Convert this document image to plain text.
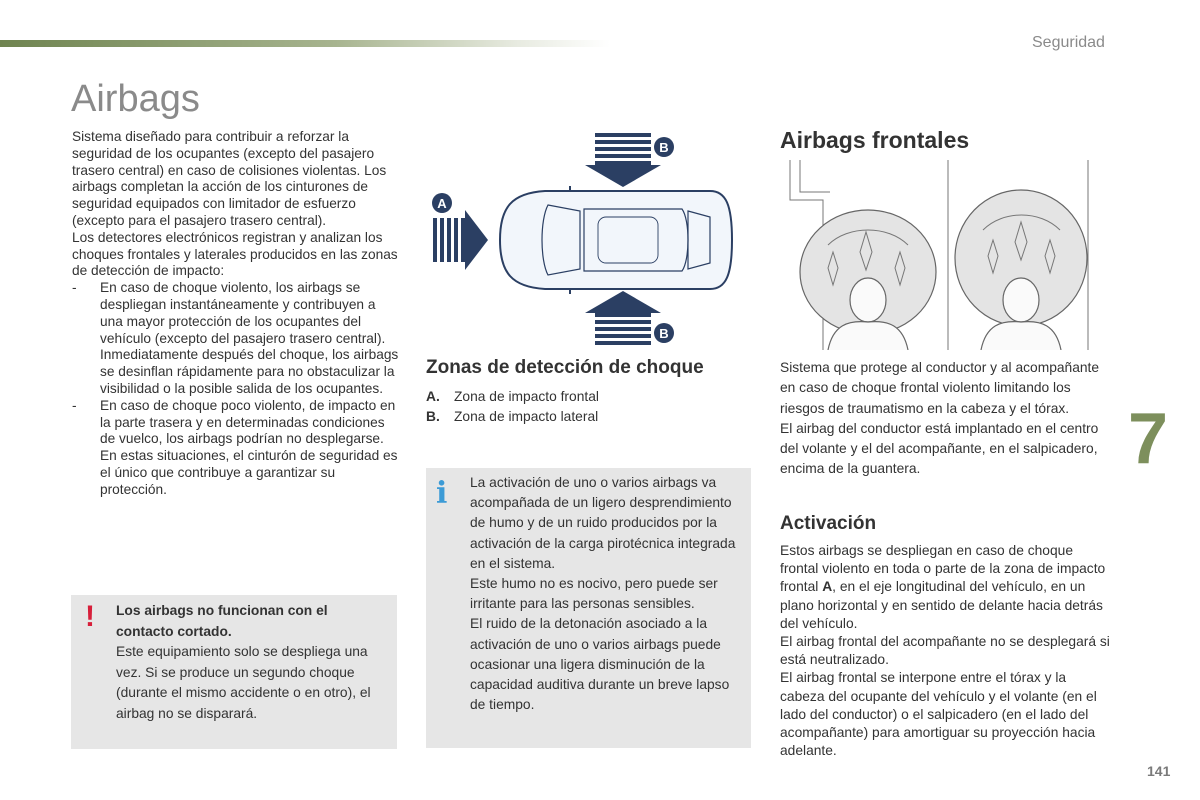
Seguridad
Airbags

Sistema diseñado para contribuir a reforzar la seguridad de los ocupantes (excepto del pasajero trasero central) en caso de colisiones violentas. Los airbags completan la acción de los cinturones de seguridad equipados con limitador de esfuerzo (excepto para el pasajero trasero central).

Los detectores electrónicos registran y analizan los choques frontales y laterales producidos en las zonas de detección de impacto:

-	En caso de choque violento, los airbags se despliegan instantáneamente y contribuyen a una mayor protección de los ocupantes del vehículo (excepto del pasajero trasero central). Inmediatamente después del choque, los airbags se desinflan rápidamente para no obstaculizar la visibilidad o la posible salida de los ocupantes.
-	En caso de choque poco violento, de impacto en la parte trasera y en determinadas condiciones de vuelco, los airbags podrían no desplegarse. En estas situaciones, el cinturón de seguridad es el único que contribuye a garantizar su protección.
! Los airbags no funcionan con el contacto cortado.
Este equipamiento solo se despliega una vez. Si se produce un segundo choque (durante el mismo accidente o en otro), el airbag no se disparará.
B
B
A
Zonas de detección de choque
A.	Zona de impacto frontal
B.	Zona de impacto lateral
i La activación de uno o varios airbags va acompañada de un ligero desprendimiento de humo y de un ruido producidos por la activación de la carga pirotécnica integrada en el sistema.

Este humo no es nocivo, pero puede ser irritante para las personas sensibles.

El ruido de la detonación asociado a la activación de uno o varios airbags puede ocasionar una ligera disminución de la capacidad auditiva durante un breve lapso de tiempo.

Airbags frontales

Sistema que protege al conductor y al acompañante en caso de choque frontal violento limitando los riesgos de traumatismo en la cabeza y el tórax.

El airbag del conductor está implantado en el centro del volante y el del acompañante, en el salpicadero, encima de la guantera.

Activación

Estos airbags se despliegan en caso de choque frontal violento en toda o parte de la zona de impacto frontal A, en el eje longitudinal del vehículo, en un plano horizontal y en sentido de delante hacia detrás del vehículo.

El airbag frontal del acompañante no se desplegará si está neutralizado.

El airbag frontal se interpone entre el tórax y la cabeza del ocupante del vehículo y el volante (en el lado del conductor) o el salpicadero (en el lado del acompañante) para amortiguar su proyección hacia adelante.

7
141
